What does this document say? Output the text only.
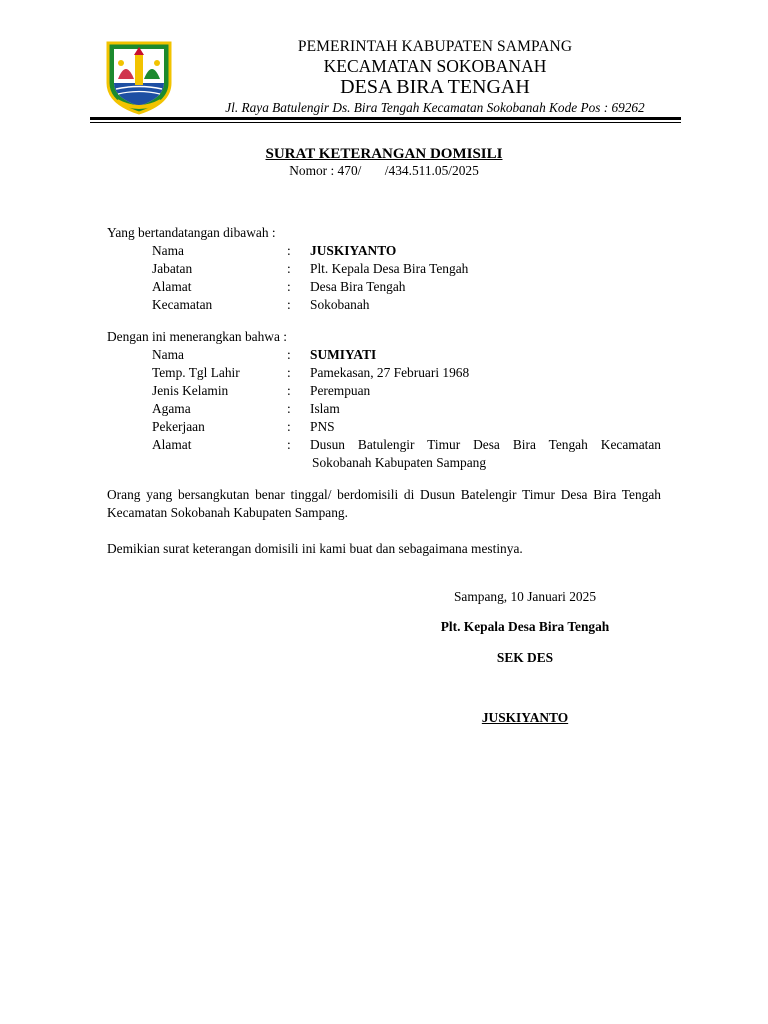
PEMERINTAH KABUPATEN SAMPANG
KECAMATAN SOKOBANAH
DESA BIRA TENGAH
Jl. Raya Batulengir Ds. Bira Tengah Kecamatan Sokobanah Kode Pos : 69262
SURAT KETERANGAN DOMISILI
Nomor : 470/       /434.511.05/2025
Yang bertandatangan dibawah :
Nama	: JUSKIYANTO
Jabatan	: Plt. Kepala Desa Bira Tengah
Alamat	: Desa Bira Tengah
Kecamatan	: Sokobanah
Dengan ini menerangkan bahwa :
Nama	: SUMIYATI
Temp. Tgl Lahir	: Pamekasan, 27 Februari 1968
Jenis Kelamin	: Perempuan
Agama	: Islam
Pekerjaan	: PNS
Alamat	: Dusun Batulengir Timur Desa Bira Tengah Kecamatan
Sokobanah Kabupaten Sampang
Orang yang bersangkutan benar tinggal/ berdomisili di Dusun Batelengir Timur Desa Bira Tengah Kecamatan Sokobanah Kabupaten Sampang.
Demikian surat keterangan domisili ini kami buat dan sebagaimana mestinya.
Sampang, 10 Januari 2025
Plt. Kepala Desa Bira Tengah
SEK DES
JUSKIYANTO
